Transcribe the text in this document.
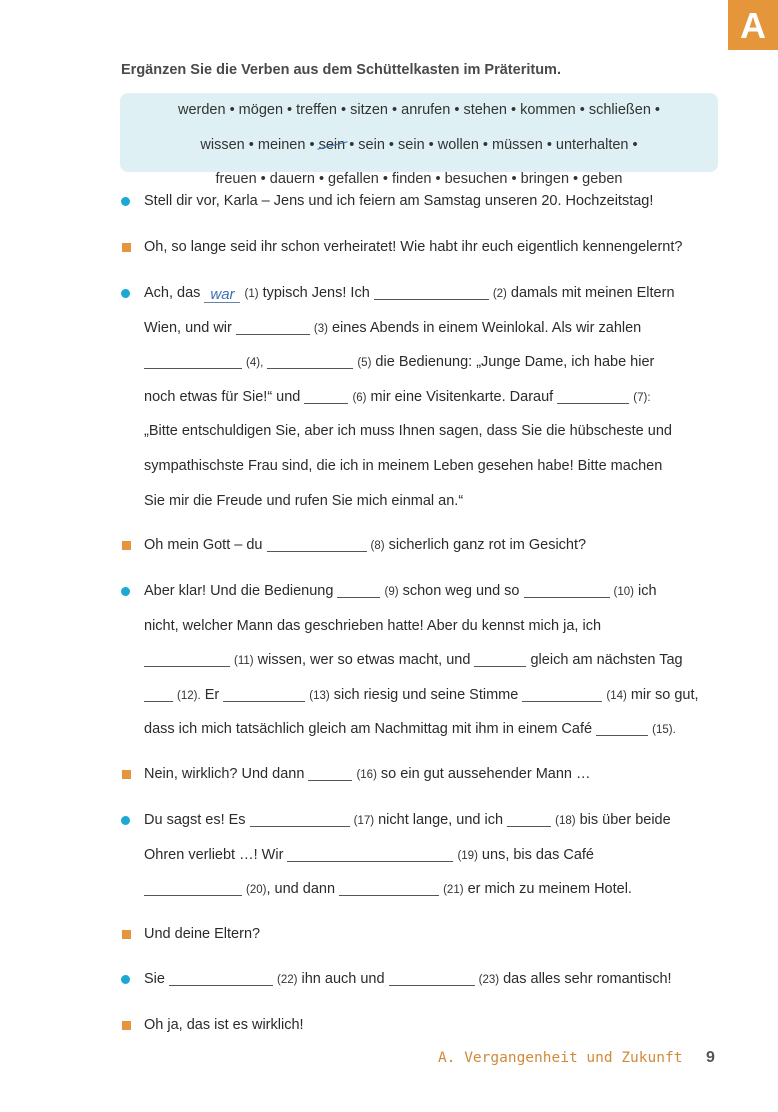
A
Ergänzen Sie die Verben aus dem Schüttelkasten im Präteritum.
werden • mögen • treffen • sitzen • anrufen • stehen • kommen • schließen •
wissen • meinen • sein • sein • sein • wollen • müssen • unterhalten •
freuen • dauern • gefallen • finden • besuchen • bringen • geben
Stell dir vor, Karla – Jens und ich feiern am Samstag unseren 20. Hochzeitstag!
Oh, so lange seid ihr schon verheiratet! Wie habt ihr euch eigentlich kennengelernt?
Ach, das war (1) typisch Jens! Ich	(2) damals mit meinen Eltern
Wien, und wir	(3) eines Abends in einem Weinlokal. Als wir zahlen
(4),	(5) die Bedienung: „Junge Dame, ich habe hier
noch etwas für Sie!“ und	(6) mir eine Visitenkarte. Darauf	(7):
„Bitte entschuldigen Sie, aber ich muss Ihnen sagen, dass Sie die hübscheste und
sympathischste Frau sind, die ich in meinem Leben gesehen habe! Bitte machen
Sie mir die Freude und rufen Sie mich einmal an.“
Oh mein Gott – du	(8) sicherlich ganz rot im Gesicht?
Aber klar! Und die Bedienung	(9) schon weg und so	(10) ich
nicht, welcher Mann das geschrieben hatte! Aber du kennst mich ja, ich
(11) wissen, wer so etwas macht, und	gleich am nächsten Tag
(12). Er	(13) sich riesig und seine Stimme	(14) mir so gut,
dass ich mich tatsächlich gleich am Nachmittag mit ihm in einem Café	(15).
Nein, wirklich? Und dann	(16) so ein gut aussehender Mann …
Du sagst es! Es	(17) nicht lange, und ich	(18) bis über beide
Ohren verliebt …! Wir	(19) uns, bis das Café
(20), und dann	(21) er mich zu meinem Hotel.
Und deine Eltern?
Sie	(22) ihn auch und	(23) das alles sehr romantisch!
Oh ja, das ist es wirklich!
A. Vergangenheit und Zukunft 9
